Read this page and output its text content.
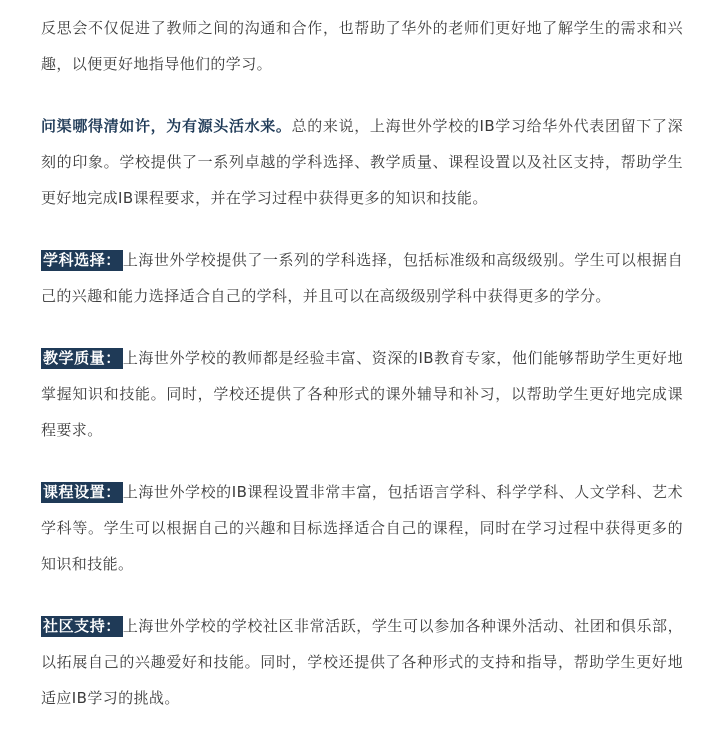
反思会不仅促进了教师之间的沟通和合作，也帮助了华外的老师们更好地了解学生的需求和兴趣，以便更好地指导他们的学习。

问渠哪得清如许，为有源头活水来。总的来说，上海世外学校的IB学习给华外代表团留下了深刻的印象。学校提供了一系列卓越的学科选择、教学质量、课程设置以及社区支持，帮助学生更好地完成IB课程要求，并在学习过程中获得更多的知识和技能。

学科选择： 上海世外学校提供了一系列的学科选择，包括标准级和高级级别。学生可以根据自己的兴趣和能力选择适合自己的学科，并且可以在高级级别学科中获得更多的学分。

教学质量： 上海世外学校的教师都是经验丰富、资深的IB教育专家，他们能够帮助学生更好地掌握知识和技能。同时，学校还提供了各种形式的课外辅导和补习，以帮助学生更好地完成课程要求。

课程设置： 上海世外学校的IB课程设置非常丰富，包括语言学科、科学学科、人文学科、艺术学科等。学生可以根据自己的兴趣和目标选择适合自己的课程，同时在学习过程中获得更多的知识和技能。

社区支持： 上海世外学校的学校社区非常活跃，学生可以参加各种课外活动、社团和俱乐部，以拓展自己的兴趣爱好和技能。同时，学校还提供了各种形式的支持和指导，帮助学生更好地适应IB学习的挑战。
